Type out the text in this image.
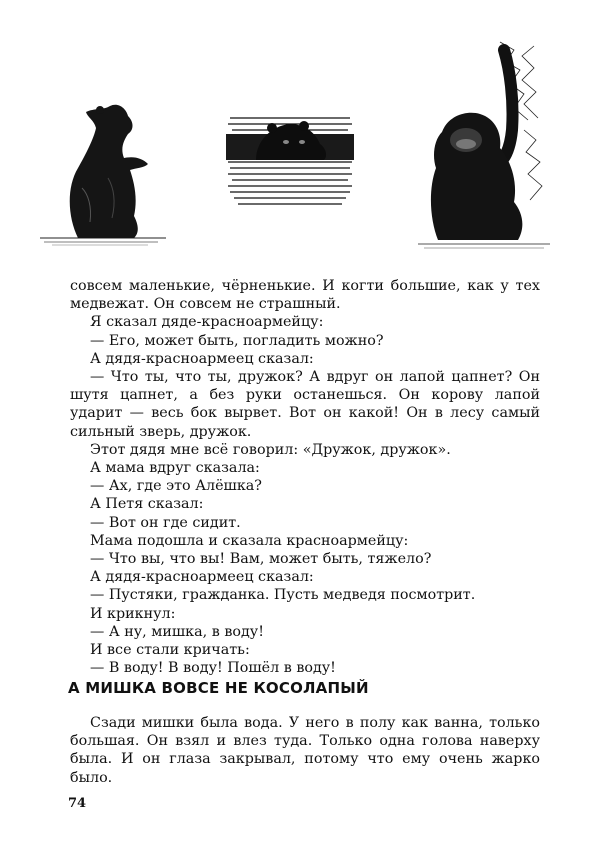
совсем маленькие, чёрненькие. И когти большие, как у тех медвежат. Он совсем не страшный.

Я сказал дяде-красноармейцу:

— Его, может быть, погладить можно?

А дядя-красноармеец сказал:

— Что ты, что ты, дружок? А вдруг он лапой цапнет? Он шутя цапнет, а без руки останешься. Он корову лапой ударит — весь бок вырвет. Вот он какой! Он в лесу самый сильный зверь, дружок.

Этот дядя мне всё говорил: «Дружок, дружок».

А мама вдруг сказала:

— Ах, где это Алёшка?

А Петя сказал:

— Вот он где сидит.

Мама подошла и сказала красноармейцу:

— Что вы, что вы! Вам, может быть, тяжело?

А дядя-красноармеец сказал:

— Пустяки, гражданка. Пусть медведя посмотрит.

И крикнул:

— А ну, мишка, в воду!

И все стали кричать:

— В воду! В воду! Пошёл в воду!

А МИШКА ВОВСЕ НЕ КОСОЛАПЫЙ

Сзади мишки была вода. У него в полу как ванна, только большая. Он взял и влез туда. Только одна голова наверху была. И он глаза закрывал, потому что ему очень жарко было.

74
